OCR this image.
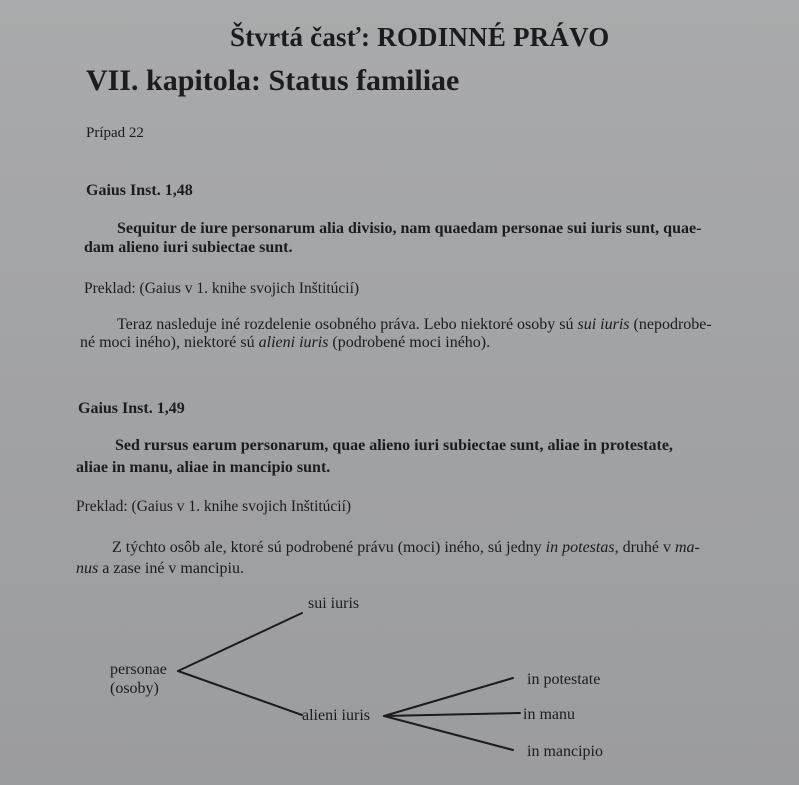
Štvrtá časť: RODINNÉ PRÁVO
VII. kapitola: Status familiae
Prípad 22
Gaius Inst. 1,48
Sequitur de iure personarum alia divisio, nam quaedam personae sui iuris sunt, quae-
dam alieno iuri subiectae sunt.
Preklad: (Gaius v 1. knihe svojich Inštitúcií)
Teraz nasleduje iné rozdelenie osobného práva. Lebo niektoré osoby sú sui iuris (nepodrobe-
né moci iného), niektoré sú alieni iuris (podrobené moci iného).
Gaius Inst. 1,49
Sed rursus earum personarum, quae alieno iuri subiectae sunt, aliae in protestate,
aliae in manu, aliae in mancipio sunt.
Preklad: (Gaius v 1. knihe svojich Inštitúcií)
Z týchto osôb ale, ktoré sú podrobené právu (moci) iného, sú jedny in potestas, druhé v ma-
nus a zase iné v mancipiu.
personae
(osoby)
sui iuris
alieni iuris
in potestate
in manu
in mancipio
